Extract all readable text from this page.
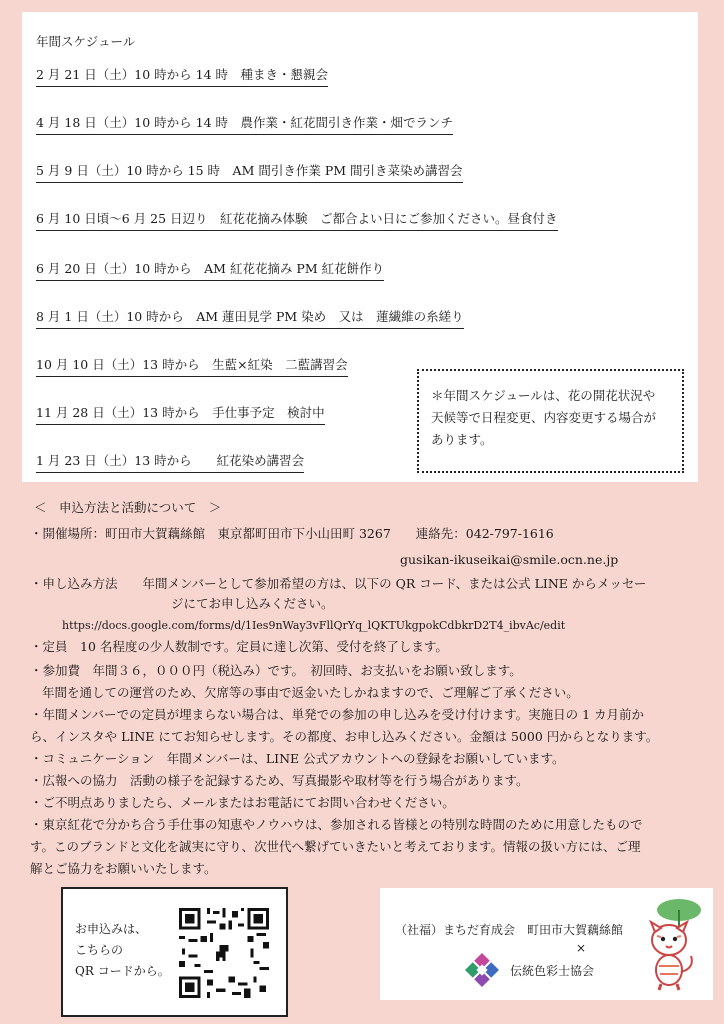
年間スケジュール
2 月 21 日（土）10 時から 14 時　種まき・懇親会
4 月 18 日（土）10 時から 14 時　農作業・紅花間引き作業・畑でランチ
5 月 9 日（土）10 時から 15 時　AM 間引き作業 PM 間引き菜染め講習会
6 月 10 日頃〜6 月 25 日辺り　紅花花摘み体験　ご都合よい日にご参加ください。昼食付き
6 月 20 日（土）10 時から　AM 紅花花摘み PM 紅花餅作り
8 月 1 日（土）10 時から　AM 蓮田見学 PM 染め　又は　蓮繊維の糸縒り
10 月 10 日（土）13 時から　生藍×紅染　二藍講習会
11 月 28 日（土）13 時から　手仕事予定　検討中
1 月 23 日（土）13 時から　　紅花染め講習会
＊年間スケジュールは、花の開花状況や
天候等で日程変更、内容変更する場合が
あります。
＜　申込方法と活動について　＞
・開催場所：町田市大賀藕絲館　東京都町田市下小山田町 3267　　連絡先：042-797-1616
gusikan-ikuseikai@smile.ocn.ne.jp
・申し込み方法　　年間メンバーとして参加希望の方は、以下の QR コード、または公式 LINE からメッセー
ジにてお申し込みください。
https://docs.google.com/forms/d/1Ies9nWay3vFllQrYq_lQKTUkgpokCdbkrD2T4_ibvAc/edit
・定員　10 名程度の少人数制です。定員に達し次第、受付を終了します。
・参加費　年間３６，０００円（税込み）です。　初回時、お支払いをお願い致します。
年間を通しての運営のため、欠席等の事由で返金いたしかねますので、ご理解ご了承ください。
・年間メンバーでの定員が埋まらない場合は、単発での参加の申し込みを受け付けます。実施日の 1 カ月前か
ら、インスタや LINE にてお知らせします。その都度、お申し込みください。金額は 5000 円からとなります。
・コミュニケーション　年間メンバーは、LINE 公式アカウントへの登録をお願いしています。
・広報への協力　活動の様子を記録するため、写真撮影や取材等を行う場合があります。
・ご不明点ありましたら、メールまたはお電話にてお問い合わせください。
・東京紅花で分かち合う手仕事の知恵やノウハウは、参加される皆様との特別な時間のために用意したもので
す。このブランドと文化を誠実に守り、次世代へ繋げていきたいと考えております。情報の扱い方には、ご理
解とご協力をお願いいたします。
お申込みは、
こちらの
QR コードから。
（社福）まちだ育成会　町田市大賀藕絲館
×
伝統色彩士協会
